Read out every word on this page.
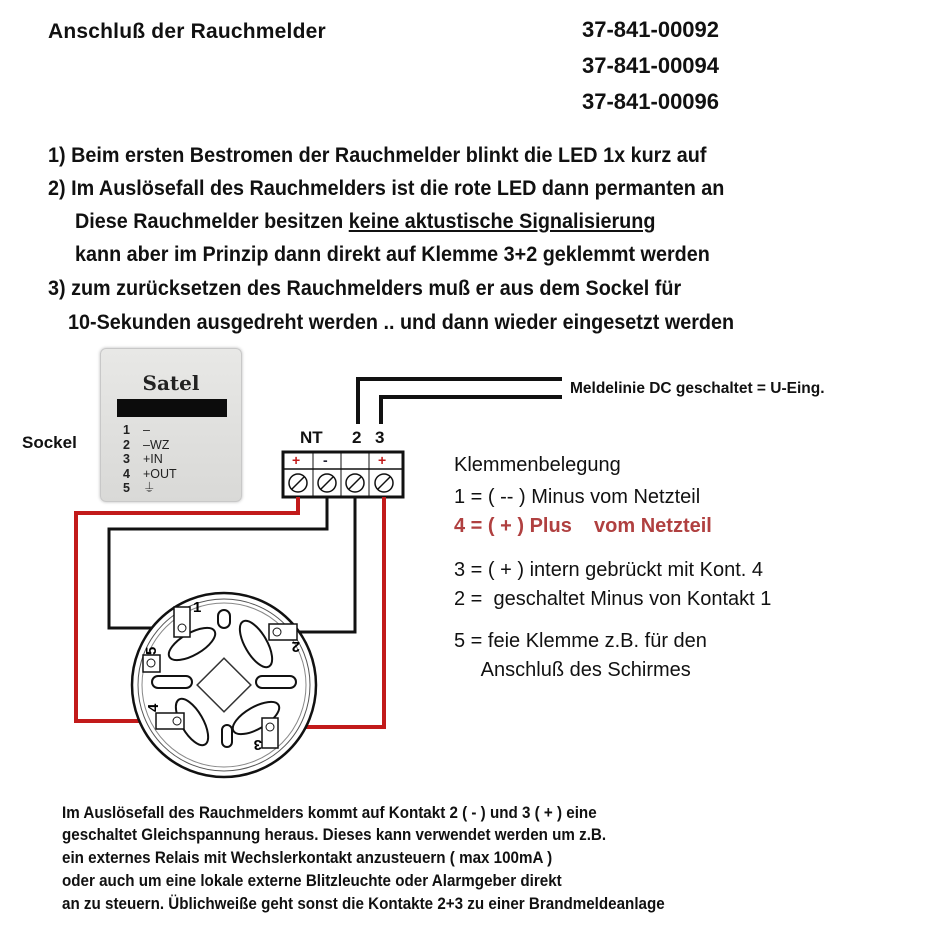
Anschluß der Rauchmelder	37-841-00092
37-841-00094
37-841-00096
1) Beim ersten Bestromen der Rauchmelder blinkt die LED 1x kurz auf
2) Im Auslösefall des Rauchmelders ist die rote LED dann permanten an
Diese Rauchmelder besitzen keine aktustische Signalisierung
kann aber im Prinzip dann direkt auf Klemme 3+2 geklemmt werden
3) zum zurücksetzen des Rauchmelders muß er aus dem Sockel für
10-Sekunden ausgedreht werden .. und dann wieder eingesetzt werden
Sockel
Satel
1 –
2 –WZ
3 +IN
4 +OUT
5 ⏚
1
2
3
4
5
NT 2 3
+ -	+
Meldelinie DC geschaltet = U-Eing.
Klemmenbelegung
1 = ( -- ) Minus vom Netzteil
4 = ( + ) Plus    vom Netzteil
3 = ( + ) intern gebrückt mit Kont. 4
2 =  geschaltet Minus von Kontakt 1
5 = feie Klemme z.B. für den
Anschluß des Schirmes
Im Auslösefall des Rauchmelders kommt auf Kontakt 2 ( - ) und 3 ( + ) eine
geschaltet Gleichspannung heraus. Dieses kann verwendet werden um z.B.
ein externes Relais mit Wechslerkontakt anzusteuern ( max 100mA )
oder auch um eine lokale externe Blitzleuchte oder Alarmgeber direkt
an zu steuern. Üblichweiße geht sonst die Kontakte 2+3 zu einer Brandmeldeanlage
